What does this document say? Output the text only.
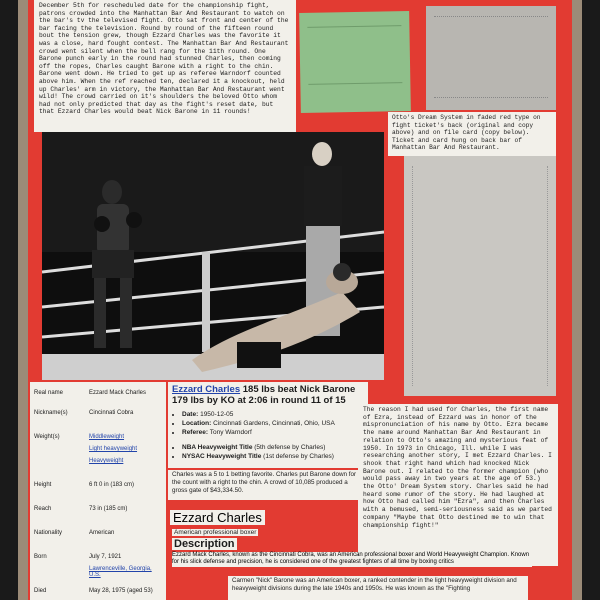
December 5th for rescheduled date for the championship fight, patrons crowded into the Manhattan Bar And Restaurant to watch on the bar's tv the televised fight. Otto sat front and center of the bar facing the television. Round by round of the fifteen round bout the tension grew, though Ezzard Charles was the favorite it was a close, hard fought contest. The Manhattan Bar And Restaurant crowd went silent when the bell rang for the 11th round. One Barone punch early in the round had stunned Charles, then coming off the ropes, Charles caught Barone with a right to the chin. Barone went down. He tried to get up as referee Warndorf counted above him. When the ref reached ten, declared it a knockout, held up Charles' arm in victory, the Manhattan Bar And Restaurant went wild! The crowd carried on it's shoulders the beloved Otto whom had not only predicted that day as the fight's reset date, but that Ezzard Charles would beat Nick Barone in 11 rounds!
Otto's Dream System in faded red type on fight ticket's back (original and copy above) and on file card (copy below). Ticket and card hung on back bar of Manhattan Bar And Restaurant.
Real name	Ezzard Mack Charles
Nickname(s)	Cincinnati Cobra
Weight(s)	Middleweight
Light heavyweight
Heavyweight
Height	6 ft 0 in (183 cm)
Reach	73 in (185 cm)
Nationality	American
Born	July 7, 1921
Lawrenceville, Georgia, U.S.
Died	May 28, 1975 (aged 53)
Ezzard Charles 185 lbs beat Nick Barone 179 lbs by KO at 2:06 in round 11 of 15
• Date: 1950-12-05
• Location: Cincinnati Gardens, Cincinnati, Ohio, USA
• Referee: Tony Warndorf
• NBA Heavyweight Title (5th defense by Charles)
• NYSAC Heavyweight Title (1st defense by Charles)
Charles was a 5 to 1 betting favorite. Charles put Barone down for the count with a right to the chin. A crowd of 10,085 produced a gross gate of $43,334.50.
The reason I had used for Charles, the first name of Ezra, instead of Ezzard was in honor of the mispronunciation of his name by Otto. Ezra became the name around Manhattan Bar And Restaurant in relation to Otto's amazing and mysterious feat of 1950. In 1973 in Chicago, Ill. while I was researching another story, I met Ezzard Charles. I shook that right hand which had knocked Nick Barone out. I related to the former champion (who would pass away in two years at the age of 53.) the Otto' Dream System story. Charles said he had heard some rumor of the story. He had laughed at how Otto had called him "Ezra", and then Charles with a bemused, semi-seriousness said as we parted company "Maybe that Otto destined me to win that championship fight!"
Ezzard Charles
American professional boxer
Description
Ezzard Mack Charles, known as the Cincinnati Cobra, was an American professional boxer and World Heavyweight Champion. Known for his slick defense and precision, he is considered one of the greatest fighters of all time by boxing critics
Carmen "Nick" Barone was an American boxer, a ranked contender in the light heavyweight division and heavyweight divisions during the late 1940s and 1950s. He was known as the "Fighting
